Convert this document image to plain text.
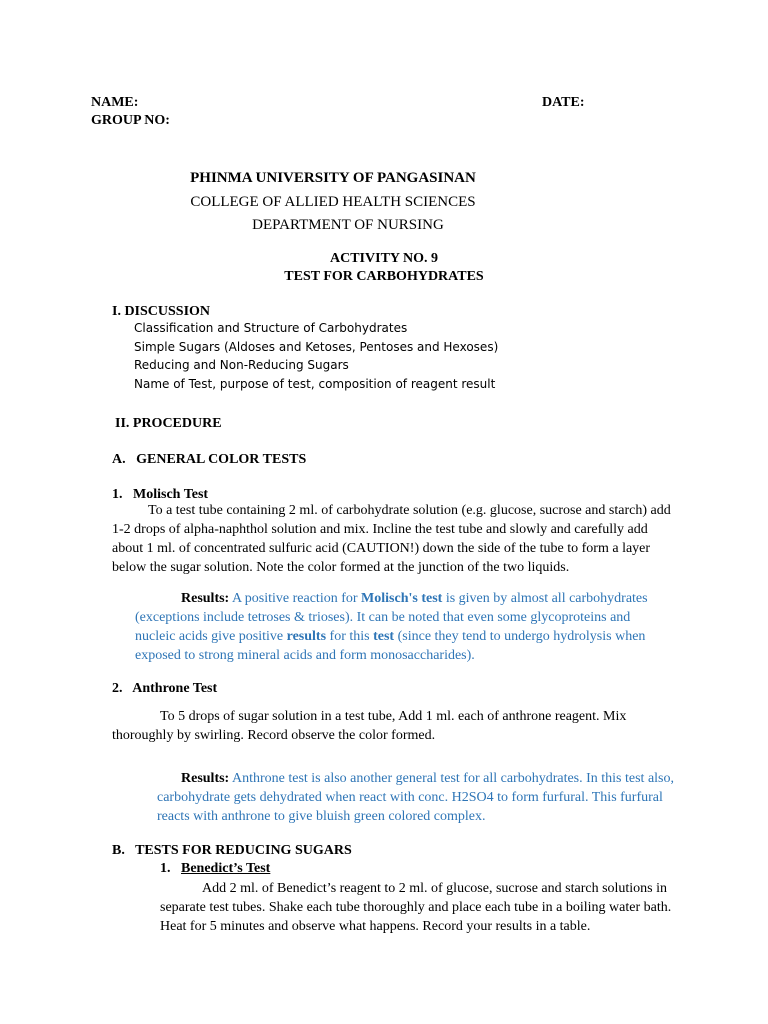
NAME:	DATE:
GROUP NO:
PHINMA UNIVERSITY OF PANGASINAN
COLLEGE OF ALLIED HEALTH SCIENCES
DEPARTMENT OF NURSING
ACTIVITY NO. 9
TEST FOR CARBOHYDRATES
I. DISCUSSION
Classification and Structure of Carbohydrates
Simple Sugars (Aldoses and Ketoses, Pentoses and Hexoses)
Reducing and Non-Reducing Sugars
Name of Test, purpose of test, composition of reagent result
II. PROCEDURE
A.   GENERAL COLOR TESTS
1.   Molisch Test
To a test tube containing 2 ml. of carbohydrate solution (e.g. glucose, sucrose and starch) add 1-2 drops of alpha-naphthol solution and mix. Incline the test tube and slowly and carefully add about 1 ml. of concentrated sulfuric acid (CAUTION!) down the side of the tube to form a layer below the sugar solution. Note the color formed at the junction of the two liquids.
Results: A positive reaction for Molisch's test is given by almost all carbohydrates (exceptions include tetroses & trioses). It can be noted that even some glycoproteins and nucleic acids give positive results for this test (since they tend to undergo hydrolysis when exposed to strong mineral acids and form monosaccharides).
2.   Anthrone Test
To 5 drops of sugar solution in a test tube, Add 1 ml. each of anthrone reagent. Mix thoroughly by swirling. Record observe the color formed.
Results: Anthrone test is also another general test for all carbohydrates. In this test also, carbohydrate gets dehydrated when react with conc. H2SO4 to form furfural. This furfural reacts with anthrone to give bluish green colored complex.
B.   TESTS FOR REDUCING SUGARS
1. Benedict’s Test
Add 2 ml. of Benedict’s reagent to 2 ml. of glucose, sucrose and starch solutions in separate test tubes. Shake each tube thoroughly and place each tube in a boiling water bath. Heat for 5 minutes and observe what happens. Record your results in a table.
